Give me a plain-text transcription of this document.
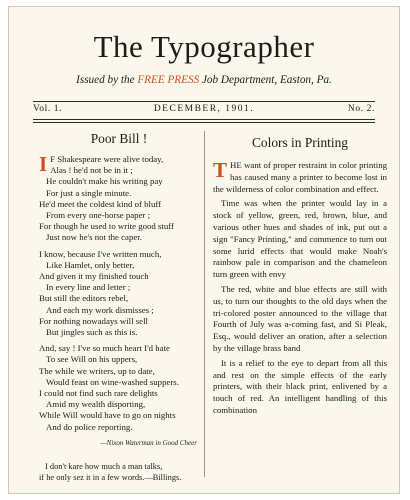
The Typographer
Issued by the FREE PRESS Job Department, Easton, Pa.
Vol. 1.	DECEMBER, 1901.	No. 2.
Poor Bill !
I F Shakespeare were alive today,
Alas ! he'd not be in it ;
He couldn't make his writing pay
For just a single minute.
He'd meet the coldest kind of bluff
From every one-horse paper ;
For though he used to write good stuff
Just now he's not the caper.
I know, because I've written much,
Like Hamlet, only better,
And given it my finished touch
In every line and letter ;
But still the editors rebel,
And each my work dismisses ;
For nothing nowadays will sell
But jingles such as this is.
And, say ! I've so much heart I'd hate
To see Will on his uppers,
The while we writers, up to date,
Would feast on wine-washed suppers.
I could not find such rare delights
Amid my wealth disporting,
While Will would have to go on nights
And do police reporting.
—Nixon Waterman in Good Cheer
I don't kare how much a man talks,
if he only sez it in a few words.—Billings.
Colors in Printing

THE want of proper restraint in color printing has caused many a printer to become lost in the wilderness of color combination and effect.

Time was when the printer would lay in a stock of yellow, green, red, brown, blue, and various other hues and shades of ink, put out a sign "Fancy Printing," and commence to turn out some lurid effects that would make Noah's rainbow pale in comparison and the chameleon turn green with envy

The red, white and blue effects are still with us, to turn our thoughts to the old days when the tri-colored poster announced to the village that Fourth of July was a-coming fast, and Si Pleak, Esq., would deliver an oration, after a selection by the village brass band

It is a relief to the eye to depart from all this and rest on the simple effects of the early printers, with their black print, enlivened by a touch of red. An intelligent handling of this combination
